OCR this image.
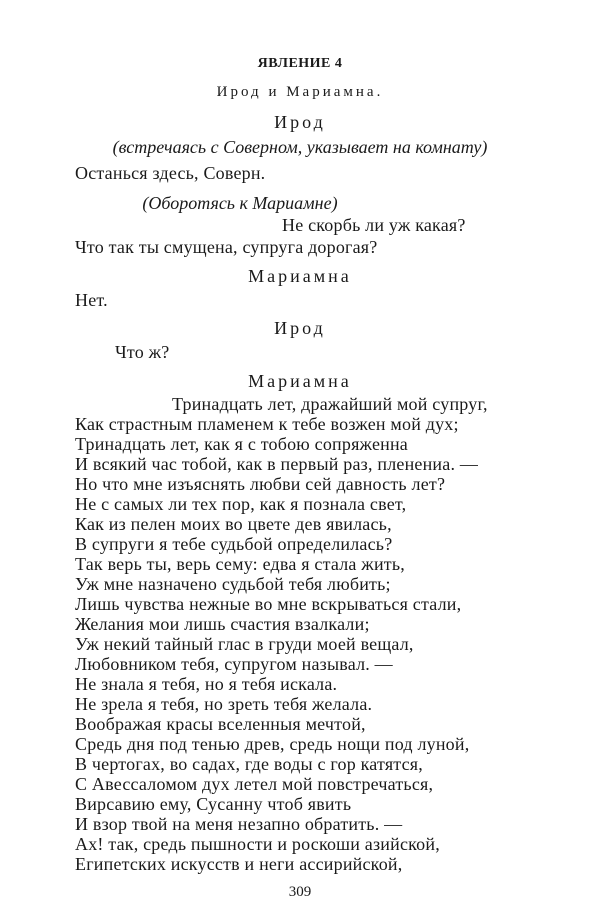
ЯВЛЕНИЕ 4
Ирод и Мариамна.
Ирод
(встречаясь с Соверном, указывает на комнату)
Останься здесь, Соверн.
(Оборотясь к Мариамне)
Не скорбь ли уж какая?
Что так ты смущена, супруга дорогая?
Мариамна
Нет.
Ирод
Что ж?
Мариамна
Тринадцать лет, дражайший мой супруг,
Как страстным пламенем к тебе возжен мой дух;
Тринадцать лет, как я с тобою сопряженна
И всякий час тобой, как в первый раз, пленениа. —
Но что мне изъяснять любви сей давность лет?
Не с самых ли тех пор, как я познала свет,
Как из пелен моих во цвете дев явилась,
В супруги я тебе судьбой определилась?
Так верь ты, верь сему: едва я стала жить,
Уж мне назначено судьбой тебя любить;
Лишь чувства нежные во мне вскрываться стали,
Желания мои лишь счастия взалкали;
Уж некий тайный глас в груди моей вещал,
Любовником тебя, супругом называл. —
Не знала я тебя, но я тебя искала.
Не зрела я тебя, но зреть тебя желала.
Воображая красы вселенныя мечтой,
Средь дня под тенью древ, средь нощи под луной,
В чертогах, во садах, где воды с гор катятся,
С Авессаломом дух летел мой повстречаться,
Вирсавию ему, Сусанну чтоб явить
И взор твой на меня незапно обратить. —
Ах! так, средь пышности и роскоши азийской,
Египетских искусств и неги ассирийской,
309
